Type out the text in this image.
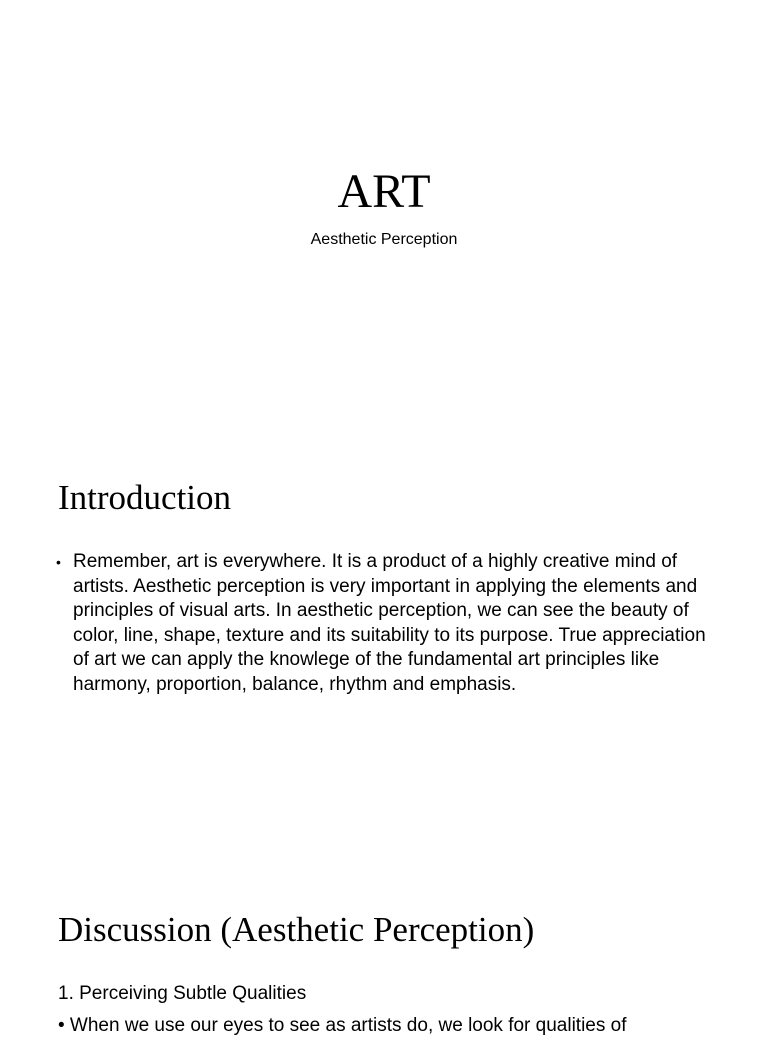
ART

Aesthetic Perception

Introduction
• Remember, art is everywhere. It is a product of a highly creative mind of artists. Aesthetic perception is very important in applying the elements and principles of visual arts. In aesthetic perception, we can see the beauty of color, line, shape, texture and its suitability to its purpose. True appreciation of art we can apply the knowlege of the fundamental art principles like harmony, proportion, balance, rhythm and emphasis.
Discussion (Aesthetic Perception)

1. Perceiving Subtle Qualities

• When we use our eyes to see as artists do, we look for qualities of
